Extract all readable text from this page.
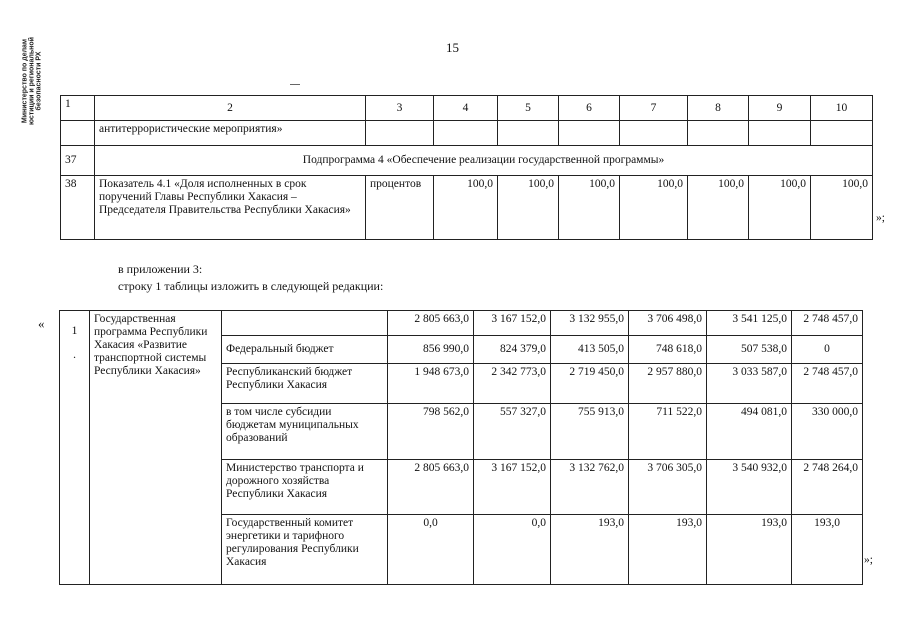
Министерство по делам юстиции и региональной безопасности РХ
15
1	2	3	4	5	6	7	8	9	10
	антитеррористические мероприятия»								
37	Подпрограмма 4 «Обеспечение реализации государственной программы»								
38	Показатель 4.1 «Доля исполненных в срок поручений Главы Республики Хакасия – Председателя Правительства Республики Хакасия»	процентов	100,0	100,0	100,0	100,0	100,0	100,0	100,0
»;
в приложении 3:
строку 1 таблицы изложить в следующей редакции:
«	1
·	Государственная программа Республики Хакасия «Развитие транспортной системы Республики Хакасия»		2 805 663,0	3 167 152,0	3 132 955,0	3 706 498,0	3 541 125,0	2 748 457,0
		Федеральный бюджет	856 990,0	824 379,0	413 505,0	748 618,0	507 538,0	0
		Республиканский бюджет Республики Хакасия	1 948 673,0	2 342 773,0	2 719 450,0	2 957 880,0	3 033 587,0	2 748 457,0
		в том числе субсидии бюджетам муниципальных образований	798 562,0	557 327,0	755 913,0	711 522,0	494 081,0	330 000,0
		Министерство транспорта и дорожного хозяйства Республики Хакасия	2 805 663,0	3 167 152,0	3 132 762,0	3 706 305,0	3 540 932,0	2 748 264,0
		Государственный комитет энергетики и тарифного регулирования Республики Хакасия	0,0	0,0	193,0	193,0	193,0	193,0
»;
